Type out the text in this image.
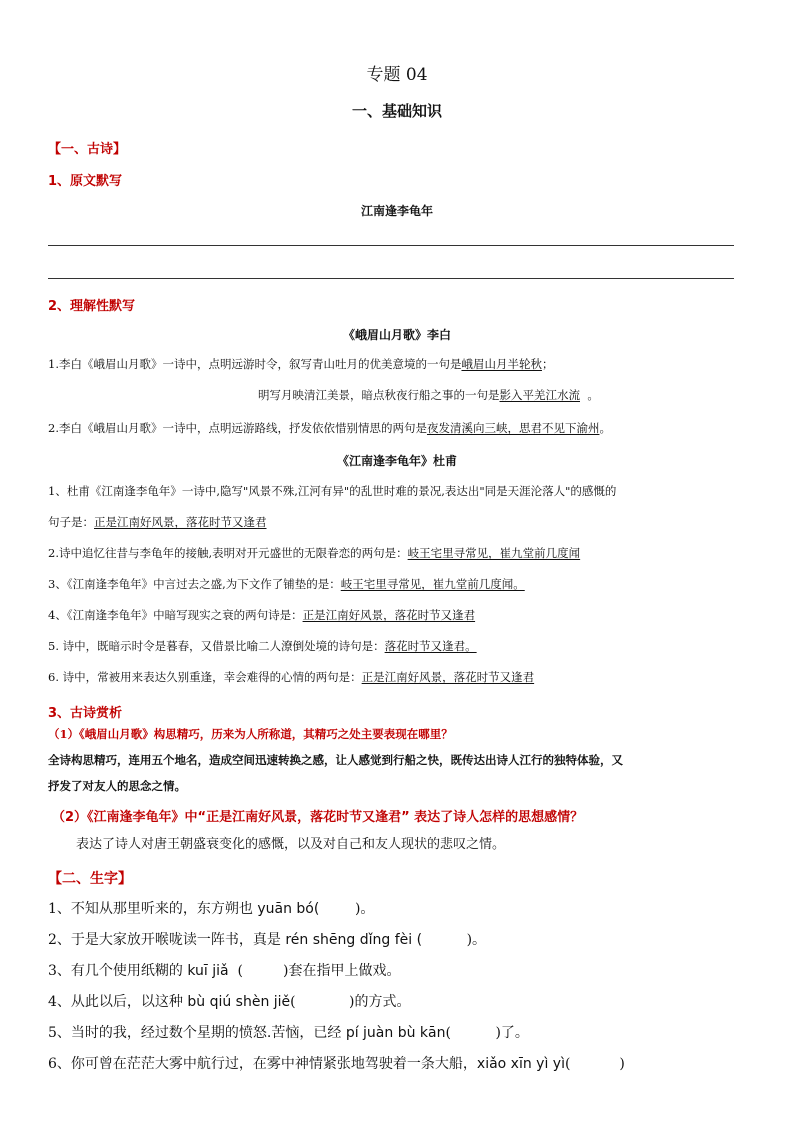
专题 04
一、基础知识
【一、古诗】
1、原文默写
江南逢李龟年
2、理解性默写
《峨眉山月歌》李白
1.李白《峨眉山月歌》一诗中，点明远游时令，叙写青山吐月的优美意境的一句是峨眉山月半轮秋；
明写月映清江美景，暗点秋夜行船之事的一句是影入平羌江水流 。
2.李白《峨眉山月歌》一诗中，点明远游路线，抒发依依惜别情思的两句是夜发清溪向三峡，思君不见下渝州。
《江南逢李龟年》杜甫
1、杜甫《江南逢李龟年》一诗中,隐写"风景不殊,江河有异"的乱世时难的景况,表达出"同是天涯沦落人"的感慨的
句子是：正是江南好风景，落花时节又逢君
2.诗中追忆往昔与李龟年的接触,表明对开元盛世的无限眷恋的两句是：岐王宅里寻常见，崔九堂前几度闻
3、《江南逢李龟年》中言过去之盛,为下文作了铺垫的是：岐王宅里寻常见，崔九堂前几度闻。
4、《江南逢李龟年》中暗写现实之衰的两句诗是：正是江南好风景，落花时节又逢君
5. 诗中，既暗示时令是暮春，又借景比喻二人潦倒处境的诗句是：落花时节又逢君。
6. 诗中，常被用来表达久别重逢，幸会难得的心情的两句是：正是江南好风景，落花时节又逢君
3、古诗赏析
（1）《峨眉山月歌》构思精巧，历来为人所称道，其精巧之处主要表现在哪里？
全诗构思精巧，连用五个地名，造成空间迅速转换之感，让人感觉到行船之快，既传达出诗人江行的独特体验，又
抒发了对友人的思念之情。
（2）《江南逢李龟年》中“正是江南好风景，落花时节又逢君” 表达了诗人怎样的思想感情？
表达了诗人对唐王朝盛衰变化的感慨，以及对自己和友人现状的悲叹之情。
【二、生字】
1、不知从那里听来的，东方朔也 yuān bó(	)。
2、于是大家放开喉咙读一阵书，真是 rén shēng dǐng fèi (	)。
3、有几个使用纸糊的 kuī jiǎ  (         )套在指甲上做戏。
4、从此以后，以这种 bù qiú shèn jiě(            )的方式。
5、当时的我，经过数个星期的愤怒.苦恼，已经 pí juàn bù kān(          )了。
6、你可曾在茫茫大雾中航行过，在雾中神情紧张地驾驶着一条大船，xiǎo xīn yì yì(           )
